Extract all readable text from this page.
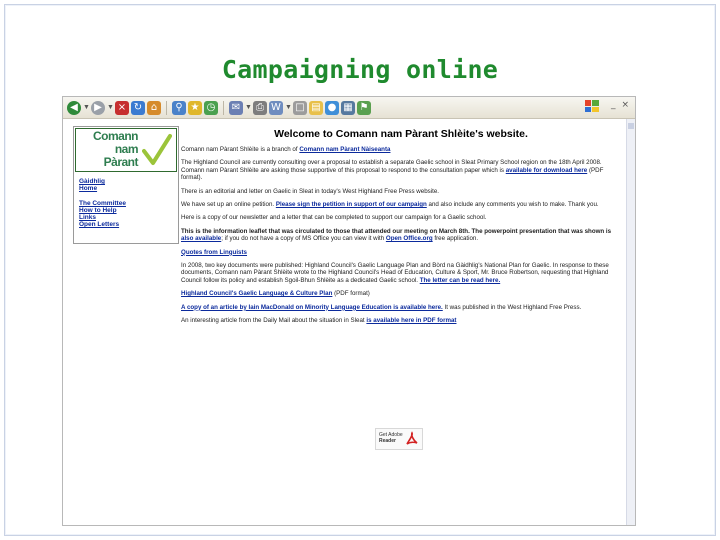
Campaigning online
◀ ▼ ▶ ▼ × ↻ ⌂	⚲ ★ ◷ ✉ ▼ ⎙ W ▼ □ ▤ ● ▦ ⚑	_ ×
Comann
nam
Pàrant
Gàidhlig
Home
The Committee
How to Help
Links
Open Letters
Welcome to Comann nam Pàrant Shlèite's website.
Comann nam Pàrant Shlèite is a branch of Comann nam Pàrant Nàiseanta
The Highland Council are currently consulting over a proposal to establish a separate Gaelic school in Sleat Primary School region on the 18th April 2008. Comann nam Pàrant Shlèite are asking those supportive of this proposal to respond to the consultation paper which is available for download here (PDF format).
There is an editorial and letter on Gaelic in Sleat in today's West Highland Free Press website.
We have set up an online petition. Please sign the petition in support of our campaign and also include any comments you wish to make. Thank you.
Here is a copy of our newsletter and a letter that can be completed to support our campaign for a Gaelic school.
This is the information leaflet that was circulated to those that attended our meeting on March 8th. The powerpoint presentation that was shown is also available; if you do not have a copy of MS Office you can view it with Open Office.org free application.
Quotes from Linguists
In 2008, two key documents were published: Highland Council's Gaelic Language Plan and Bòrd na Gàidhlig's National Plan for Gaelic. In response to these documents, Comann nam Pàrant Shlèite wrote to the Highland Council's Head of Education, Culture & Sport, Mr. Bruce Robertson, requesting that Highland Council follow its policy and establish Sgoil-Bhun Shlèite as a dedicated Gaelic school. The letter can be read here.
Highland Council's Gaelic Language & Culture Plan (PDF format)
A copy of an article by Iain MacDonald on Minority Language Education is available here. It was published in the West Highland Free Press.
An interesting article from the Daily Mail about the situation in Sleat is available here in PDF format
Get Adobe
Reader
